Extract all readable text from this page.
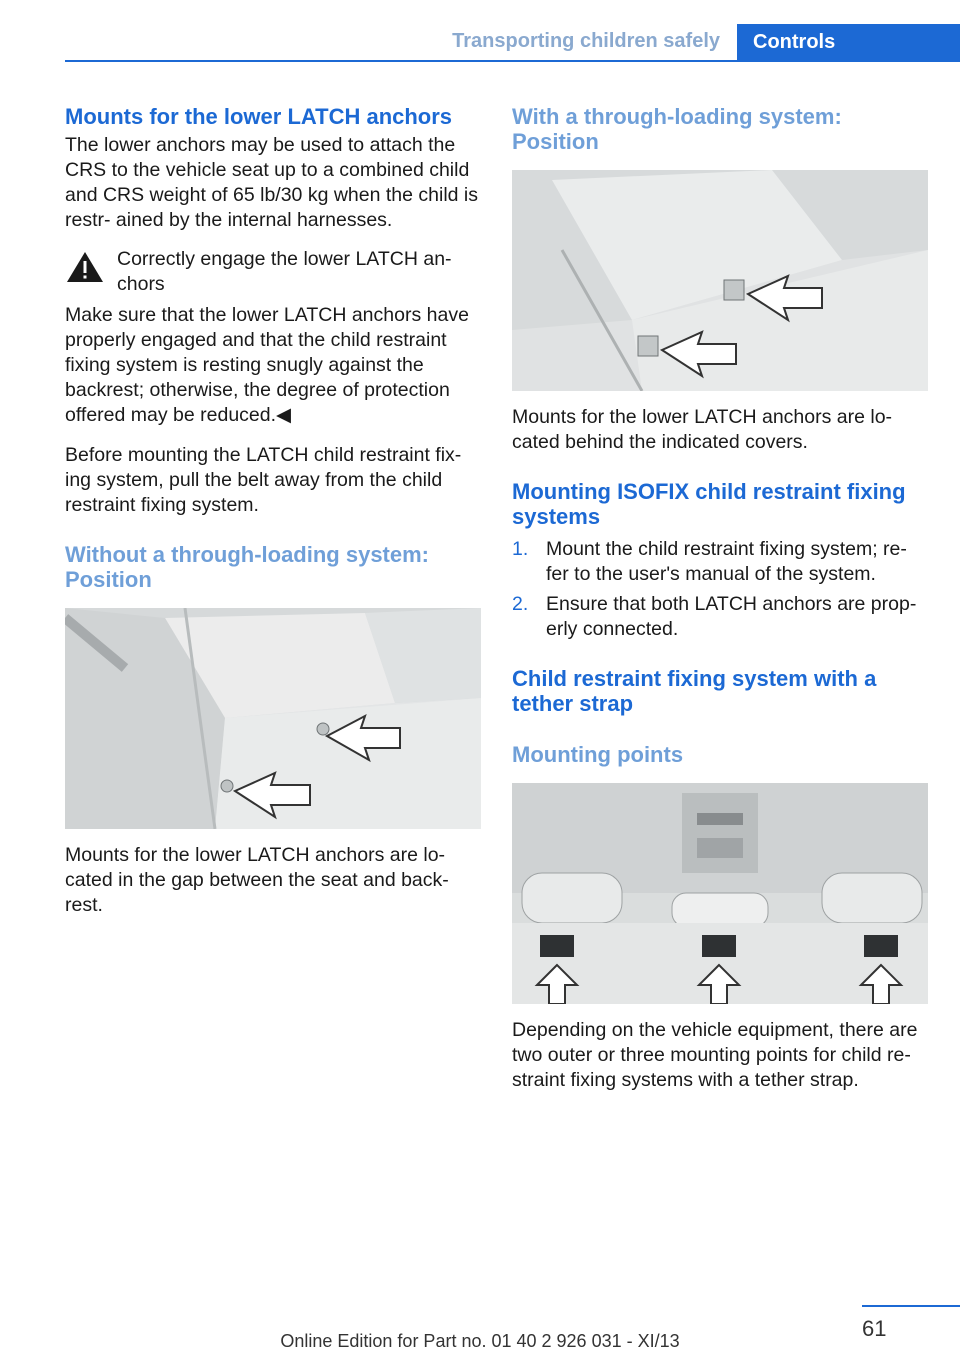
Transporting children safely	Controls
Mounts for the lower LATCH anchors

The lower anchors may be used to attach the CRS to the vehicle seat up to a combined child and CRS weight of 65 lb/30 kg when the child is restr‐ ained by the internal harnesses.

Correctly engage the lower LATCH an‐ chors

Make sure that the lower LATCH anchors have properly engaged and that the child restraint fixing system is resting snugly against the backrest; otherwise, the degree of protection offered may be reduced.◀

Before mounting the LATCH child restraint fix‐ ing system, pull the belt away from the child restraint fixing system.

Without a through-loading system: Position

Mounts for the lower LATCH anchors are lo‐ cated in the gap between the seat and back‐ rest.

With a through-loading system: Position

Mounts for the lower LATCH anchors are lo‐ cated behind the indicated covers.

Mounting ISOFIX child restraint fixing systems
1. Mount the child restraint fixing system; re‐ fer to the user's manual of the system.
2. Ensure that both LATCH anchors are prop‐ erly connected.
Child restraint fixing system with a tether strap
Mounting points

Depending on the vehicle equipment, there are two outer or three mounting points for child re‐ straint fixing systems with a tether strap.

61
Online Edition for Part no. 01 40 2 926 031 - XI/13
